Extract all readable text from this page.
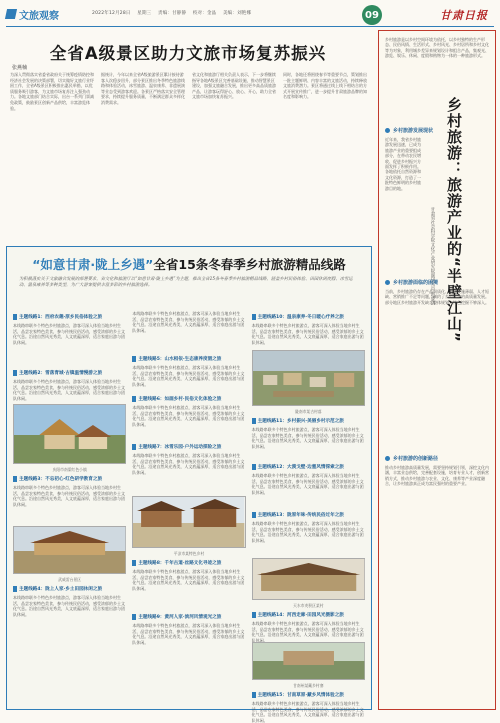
文旅观察	2022年12月28日 星期三 责编：甘静静 校对：金晶 美编：刘艳娜	09	甘肃日报
全省A级景区助力文旅市场复苏振兴
张燕楠
为深入贯彻落实省委省政府关于统筹疫情防控和经济社会发展的决策部署，切实做好文旅行业纾困工作，全省A级景区积极推出惠民举措，以优质服务吸引游客，为文旅市场复苏注入强劲动力。各地文旅部门结合实际，出台一系列门票减免政策，鼓励景区创新产品供给，丰富游览体验。
据统计，今年以来全省A级旅游景区累计接待游客人次稳步回升，部分景区推出冬季特色旅游线路和体验活动，冰雪旅游、温泉康养、非遗展演等业态受到游客欢迎。各景区严格落实安全管理要求，持续提升服务质量，不断满足群众多样化消费需求。
省文化和旅游厅相关负责人表示，下一步将继续指导各地A级景区完善基础设施，推动智慧景区建设，加强文旅融合发展，推出更多高品质旅游产品，让游客玩得舒心、放心、开心，助力全省文旅市场加快复苏振兴。
同时，各地还将围绕春节等重要节点，策划推出一批主题鲜明、内容丰富的文旅活动，持续释放文旅消费潜力。景区将通过线上线下相结合的方式开展宣传推广，进一步提升甘肃旅游品牌的知名度和影响力。
“如意甘肃·陇上乡遇”全省15条冬春季乡村旅游精品线路
为积极落实关于文旅融合发展的部署要求，省文化和旅游厅以“如意甘肃·陇上乡遇”为主题，推出全省15条冬春季乡村旅游精品线路，涵盖乡村民俗体验、田园休闲度假、冰雪运动、温泉康养等多种类型，为广大游客提供丰富多彩的乡村旅游选择。
主题线路1：西府农趣·原乡民俗体验之旅
本线路串联多个特色乡村旅游点，游客可深入体验当地乡村生活，品尝农家特色美食，参与传统民俗活动，感受浓郁的乡土文化气息。沿途自然风光秀美，人文底蕴深厚，适合家庭出游与团队休闲。
主题线路2：雪落青城·古镇温情慢游之旅
本线路串联多个特色乡村旅游点，游客可深入体验当地乡村生活，品尝农家特色美食，参与传统民俗活动，感受浓郁的乡土文化气息。沿途自然风光秀美，人文底蕴深厚，适合家庭出游与团队休闲。
庆阳市南梁红色小镇
主题线路3：不忘初心·红色研学教育之旅
本线路串联多个特色乡村旅游点，游客可深入体验当地乡村生活，品尝农家特色美食，参与传统民俗活动，感受浓郁的乡土文化气息。沿途自然风光秀美，人文底蕴深厚，适合家庭出游与团队休闲。
武威雷台景区
主题线路4：陇上人家·乡土田园休闲之旅
本线路串联多个特色乡村旅游点，游客可深入体验当地乡村生活，品尝农家特色美食，参与传统民俗活动，感受浓郁的乡土文化气息。沿途自然风光秀美，人文底蕴深厚，适合家庭出游与团队休闲。
本线路串联多个特色乡村旅游点，游客可深入体验当地乡村生活，品尝农家特色美食，参与传统民俗活动，感受浓郁的乡土文化气息。沿途自然风光秀美，人文底蕴深厚，适合家庭出游与团队休闲。
主题线路5：山水相依·生态康养度假之旅
本线路串联多个特色乡村旅游点，游客可深入体验当地乡村生活，品尝农家特色美食，参与传统民俗活动，感受浓郁的乡土文化气息。沿途自然风光秀美，人文底蕴深厚，适合家庭出游与团队休闲。
主题线路6：如画乡村·民俗文化体验之旅
本线路串联多个特色乡村旅游点，游客可深入体验当地乡村生活，品尝农家特色美食，参与传统民俗活动，感受浓郁的乡土文化气息。沿途自然风光秀美，人文底蕴深厚，适合家庭出游与团队休闲。
主题线路7：冰雪乐园·户外运动探险之旅
本线路串联多个特色乡村旅游点，游客可深入体验当地乡村生活，品尝农家特色美食，参与传统民俗活动，感受浓郁的乡土文化气息。沿途自然风光秀美，人文底蕴深厚，适合家庭出游与团队休闲。
平凉市某特色乡村
主题线路8：千年古道·丝路文化寻迹之旅
本线路串联多个特色乡村旅游点，游客可深入体验当地乡村生活，品尝农家特色美食，参与传统民俗活动，感受浓郁的乡土文化气息。沿途自然风光秀美，人文底蕴深厚，适合家庭出游与团队休闲。
主题线路9：黄河人家·滨河风情观光之旅
本线路串联多个特色乡村旅游点，游客可深入体验当地乡村生活，品尝农家特色美食，参与传统民俗活动，感受浓郁的乡土文化气息。沿途自然风光秀美，人文底蕴深厚，适合家庭出游与团队休闲。
主题线路10：温泉康养·冬日暖心疗养之旅
本线路串联多个特色乡村旅游点，游客可深入体验当地乡村生活，品尝农家特色美食，参与传统民俗活动，感受浓郁的乡土文化气息。沿途自然风光秀美，人文底蕴深厚，适合家庭出游与团队休闲。
陇南市某古村落
主题线路11：乡村振兴·美丽乡村示范之旅
本线路串联多个特色乡村旅游点，游客可深入体验当地乡村生活，品尝农家特色美食，参与传统民俗活动，感受浓郁的乡土文化气息。沿途自然风光秀美，人文底蕴深厚，适合家庭出游与团队休闲。
主题线路12：大漠戈壁·边塞风情探索之旅
本线路串联多个特色乡村旅游点，游客可深入体验当地乡村生活，品尝农家特色美食，参与传统民俗活动，感受浓郁的乡土文化气息。沿途自然风光秀美，人文底蕴深厚，适合家庭出游与团队休闲。
主题线路13：陇原年味·传统民俗过年之旅
本线路串联多个特色乡村旅游点，游客可深入体验当地乡村生活，品尝农家特色美食，参与传统民俗活动，感受浓郁的乡土文化气息。沿途自然风光秀美，人文底蕴深厚，适合家庭出游与团队休闲。
天水市麦积区某村
主题线路14：河西走廊·田园风光摄影之旅
本线路串联多个特色乡村旅游点，游客可深入体验当地乡村生活，品尝农家特色美食，参与传统民俗活动，感受浓郁的乡土文化气息。沿途自然风光秀美，人文底蕴深厚，适合家庭出游与团队休闲。
甘南州某藏乡村寨
主题线路15：甘南草原·藏乡风情体验之旅
本线路串联多个特色乡村旅游点，游客可深入体验当地乡村生活，品尝农家特色美食，参与传统民俗活动，感受浓郁的乡土文化气息。沿途自然风光秀美，人文底蕴深厚，适合家庭出游与团队休闲。
乡村旅游是以乡村空间环境为依托，以乡村独特的生产形态、民俗风情、生活形式、乡村风光、乡村居所和乡村文化等为对象，利用城乡差异来规划设计和组合产品，集观光、游览、娱乐、休闲、度假和购物为一体的一种旅游形式。
乡村旅游：旅游产业的“半壁江山”
甘肃省社会科学院文化产业研究院副研究员 赵梦鸽
乡村旅游发展现状
近年来，我省乡村旅游发展迅速，已成为旅游产业的重要组成部分，在带动农民增收、促进乡村振兴方面发挥了积极作用。各地依托自然资源和文化资源，打造了一批特色鲜明的乡村旅游目的地。
乡村旅游面临的困境
当前，乡村旅游仍存在产品同质化、基础设施薄弱、人才短缺、营销推广不足等问题，制约了乡村旅游的高质量发展。部分地区乡村旅游开发缺乏整体规划，特色挖掘不够深入。
乡村旅游的创新路径
推动乡村旅游高质量发展，需要坚持规划引领，深挖文化内涵，丰富业态供给，完善配套设施，培育专业人才，创新营销方式，推动乡村旅游与农业、文化、康养等产业深度融合，让乡村旅游真正成为富民强村的重要产业。
